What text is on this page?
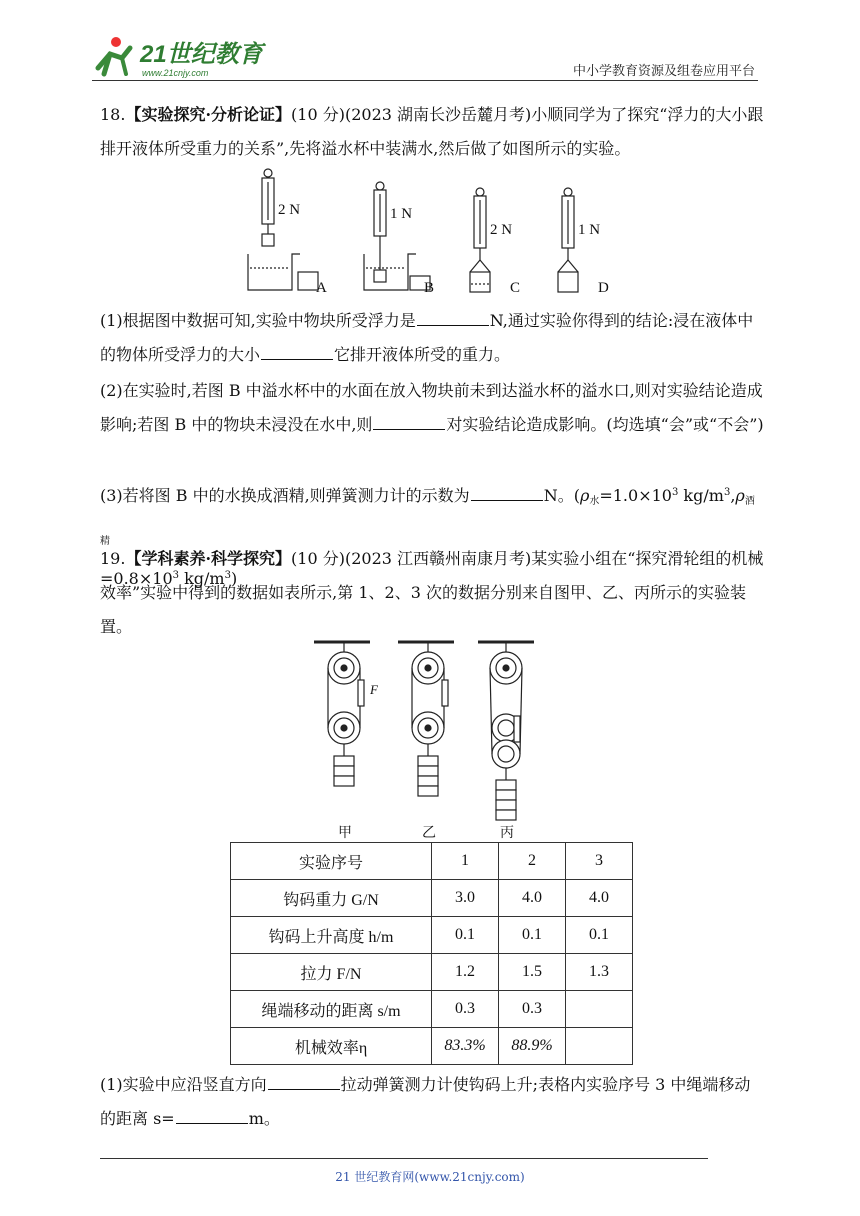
21世纪教育
www.21cnjy.com	中小学教育资源及组卷应用平台
18.【实验探究·分析论证】(10 分)(2023 湖南长沙岳麓月考)小顺同学为了探究“浮力的大小跟排开液体所受重力的关系”,先将溢水杯中装满水,然后做了如图所示的实验。
2 N	1 N
2 N	1 N
A	B	C	D
(1)根据图中数据可知,实验中物块所受浮力是	N,通过实验你得到的结论:浸在液体中的物体所受浮力的大小	它排开液体所受的重力。
(2)在实验时,若图 B 中溢水杯中的水面在放入物块前未到达溢水杯的溢水口,则对实验结论造成影响;若图 B 中的物块未浸没在水中,则	对实验结论造成影响。(均选填“会”或“不会”)
(3)若将图 B 中的水换成酒精,则弹簧测力计的示数为	N。($\rho_水=1.0\times 10^3$ $kg/m^3,\rho_{酒精}$
$=0.8\times 10^3$ $kg/m^3$)
19.【学科素养·科学探究】(10 分)(2023 江西赣州南康月考)某实验小组在“探究滑轮组的机械效率”实验中得到的数据如表所示,第 1、2、3 次的数据分别来自图甲、乙、丙所示的实验装置。
F
甲	乙	丙
实验序号	1	2	3
钩码重力 G/N	3.0	4.0	4.0
钩码上升高度 h/m	0.1	0.1	0.1
拉力 F/N	1.2	1.5	1.3
绳端移动的距离 s/m	0.3	0.3	
机械效率η	83.3%	88.9%	
(1)实验中应沿竖直方向	拉动弹簧测力计使钩码上升;表格内实验序号 3 中绳端移动的距离 s=	m。
21 世纪教育网(www.21cnjy.com)
